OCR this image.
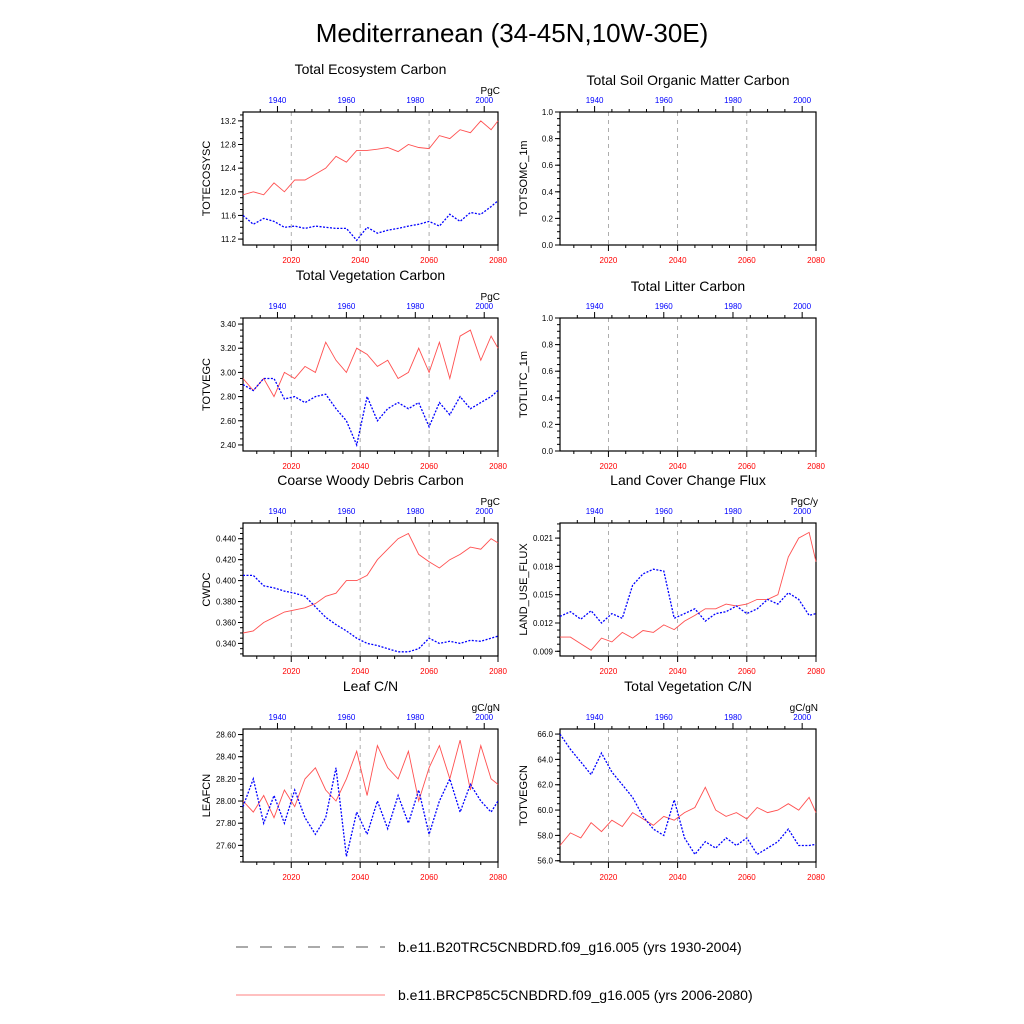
Mediterranean (34-45N,10W-30E)
Total Ecosystem Carbon
PgC
TOTECOSYSC
2020	2040	2060	2080
1940	1960	1980	2000
11.2
11.6
12.0
12.4
12.8
13.2
Total Soil Organic Matter Carbon
TOTSOMC_1m
2020	2040	2060	2080
1940	1960	1980	2000
0.0
0.2
0.4
0.6
0.8
1.0
Total Vegetation Carbon
PgC
TOTVEGC
2020	2040	2060	2080
1940	1960	1980	2000
2.40
2.60
2.80
3.00
3.20
3.40
Total Litter Carbon
TOTLITC_1m
2020	2040	2060	2080
1940	1960	1980	2000
0.0
0.2
0.4
0.6
0.8
1.0
Coarse Woody Debris Carbon
PgC
CWDC
2020	2040	2060	2080
1940	1960	1980	2000
0.340
0.360
0.380
0.400
0.420
0.440
Land Cover Change Flux
PgC/y
LAND_USE_FLUX
2020	2040	2060	2080
1940	1960	1980	2000
0.009
0.012
0.015
0.018
0.021
Leaf C/N
gC/gN
LEAFCN
2020	2040	2060	2080
1940	1960	1980	2000
27.60
27.80
28.00
28.20
28.40
28.60
Total Vegetation C/N
gC/gN
TOTVEGCN
2020	2040	2060	2080
1940	1960	1980	2000
56.0
58.0
60.0
62.0
64.0
66.0
b.e11.B20TRC5CNBDRD.f09_g16.005 (yrs 1930-2004)
b.e11.BRCP85C5CNBDRD.f09_g16.005 (yrs 2006-2080)
